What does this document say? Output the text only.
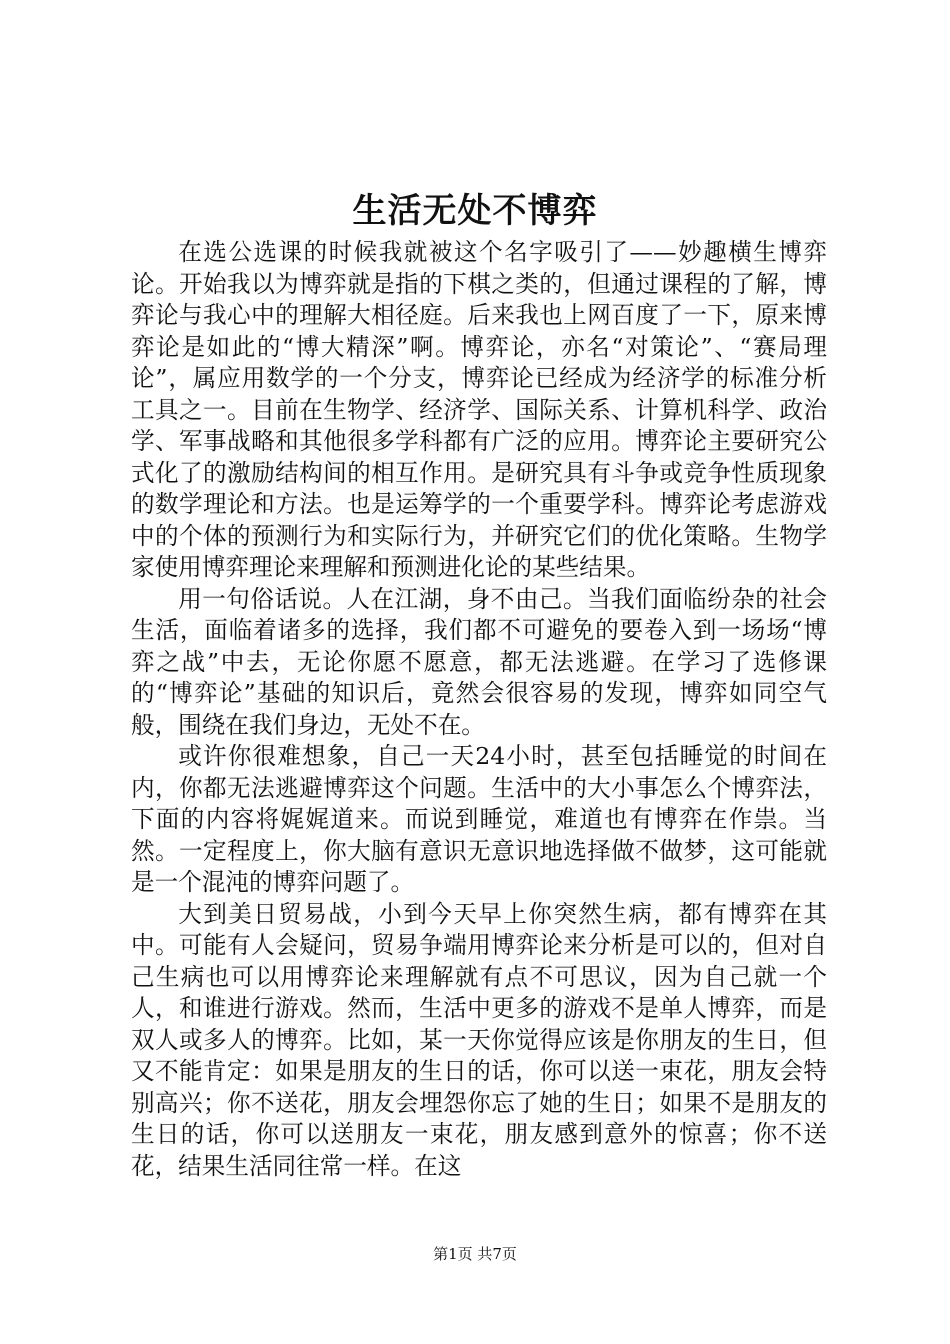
生活无处不博弈

在选公选课的时候我就被这个名字吸引了——妙趣横生博弈论。开始我以为博弈就是指的下棋之类的，但通过课程的了解，博弈论与我心中的理解大相径庭。后来我也上网百度了一下，原来博弈论是如此的“博大精深”啊。博弈论，亦名“对策论”、“赛局理论”，属应用数学的一个分支，博弈论已经成为经济学的标准分析工具之一。目前在生物学、经济学、国际关系、计算机科学、政治学、军事战略和其他很多学科都有广泛的应用。博弈论主要研究公式化了的激励结构间的相互作用。是研究具有斗争或竞争性质现象的数学理论和方法。也是运筹学的一个重要学科。博弈论考虑游戏中的个体的预测行为和实际行为，并研究它们的优化策略。生物学家使用博弈理论来理解和预测进化论的某些结果。

用一句俗话说。人在江湖，身不由己。当我们面临纷杂的社会生活，面临着诸多的选择，我们都不可避免的要卷入到一场场“博弈之战”中去，无论你愿不愿意，都无法逃避。在学习了选修课的“博弈论”基础的知识后，竟然会很容易的发现，博弈如同空气般，围绕在我们身边，无处不在。

或许你很难想象，自己一天24小时，甚至包括睡觉的时间在内，你都无法逃避博弈这个问题。生活中的大小事怎么个博弈法，下面的内容将娓娓道来。而说到睡觉，难道也有博弈在作祟。当然。一定程度上，你大脑有意识无意识地选择做不做梦，这可能就是一个混沌的博弈问题了。

大到美日贸易战，小到今天早上你突然生病，都有博弈在其中。可能有人会疑问，贸易争端用博弈论来分析是可以的，但对自己生病也可以用博弈论来理解就有点不可思议，因为自己就一个人，和谁进行游戏。然而，生活中更多的游戏不是单人博弈，而是双人或多人的博弈。比如，某一天你觉得应该是你朋友的生日，但又不能肯定：如果是朋友的生日的话，你可以送一束花，朋友会特别高兴；你不送花，朋友会埋怨你忘了她的生日；如果不是朋友的生日的话，你可以送朋友一束花，朋友感到意外的惊喜；你不送花，结果生活同往常一样。在这

第1页 共7页
